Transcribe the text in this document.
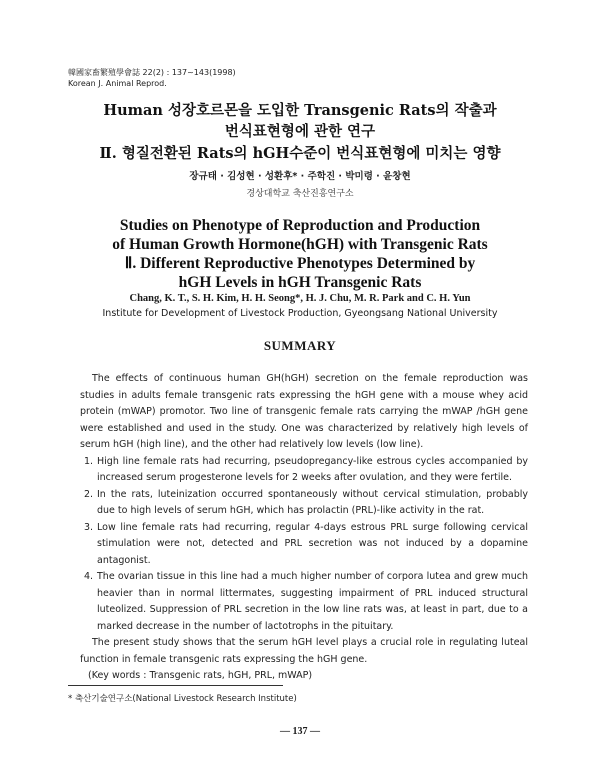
韓國家畜繁殖學會誌 22(2) : 137~143(1998)
Korean J. Animal Reprod.
Human 성장호르몬을 도입한 Transgenic Rats의 작출과
번식표현형에 관한 연구
Ⅱ. 형질전환된 Rats의 hGH수준이 번식표현형에 미치는 영향
장규태 · 김성현 · 성환후* · 주학진 · 박미령 · 윤창현
경상대학교 축산진흥연구소
Studies on Phenotype of Reproduction and Production
of Human Growth Hormone(hGH) with Transgenic Rats
Ⅱ. Different Reproductive Phenotypes Determined by
hGH Levels in hGH Transgenic Rats
Chang, K. T., S. H. Kim, H. H. Seong*, H. J. Chu, M. R. Park and C. H. Yun
Institute for Development of Livestock Production, Gyeongsang National University
SUMMARY

The effects of continuous human GH(hGH) secretion on the female reproduction was studies in adults female transgenic rats expressing the hGH gene with a mouse whey acid protein (mWAP) promotor. Two line of transgenic female rats carrying the mWAP /hGH gene were established and used in the study. One was characterized by relatively high levels of serum hGH (high line), and the other had relatively low levels (low line).

1. High line female rats had recurring, pseudopregancy-like estrous cycles accompanied by increased serum progesterone levels for 2 weeks after ovulation, and they were fertile.
2. In the rats, luteinization occurred spontaneously without cervical stimulation, probably due to high levels of serum hGH, which has prolactin (PRL)-like activity in the rat.
3. Low line female rats had recurring, regular 4-days estrous PRL surge following cervical stimulation were not, detected and PRL secretion was not induced by a dopamine antagonist.
4. The ovarian tissue in this line had a much higher number of corpora lutea and grew much heavier than in normal littermates, suggesting impairment of PRL induced structural luteolized. Suppression of PRL secretion in the low line rats was, at least in part, due to a marked decrease in the number of lactotrophs in the pituitary.

The present study shows that the serum hGH level plays a crucial role in regulating luteal function in female transgenic rats expressing the hGH gene.

(Key words : Transgenic rats, hGH, PRL, mWAP)
* 축산기술연구소(National Livestock Research Institute)
— 137 —
